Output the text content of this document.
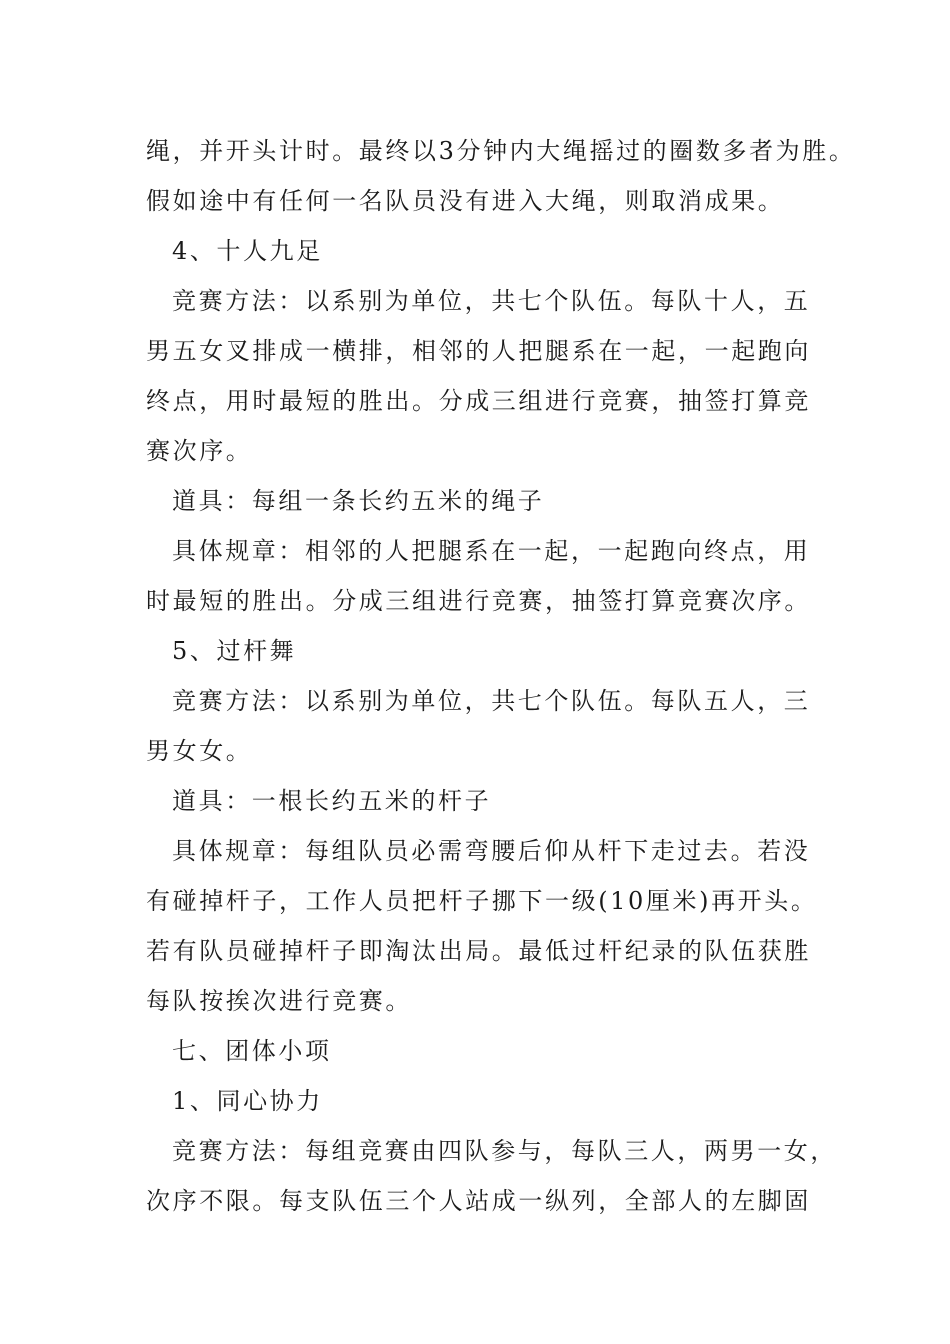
绳，并开头计时。最终以3分钟内大绳摇过的圈数多者为胜。
假如途中有任何一名队员没有进入大绳，则取消成果。
4、十人九足
竞赛方法：以系别为单位，共七个队伍。每队十人，五
男五女叉排成一横排，相邻的人把腿系在一起，一起跑向
终点，用时最短的胜出。分成三组进行竞赛，抽签打算竞
赛次序。
道具：每组一条长约五米的绳子
具体规章：相邻的人把腿系在一起，一起跑向终点，用
时最短的胜出。分成三组进行竞赛，抽签打算竞赛次序。
5、过杆舞
竞赛方法：以系别为单位，共七个队伍。每队五人，三
男女女。
道具：一根长约五米的杆子
具体规章：每组队员必需弯腰后仰从杆下走过去。若没
有碰掉杆子，工作人员把杆子挪下一级(10厘米)再开头。
若有队员碰掉杆子即淘汰出局。最低过杆纪录的队伍获胜
每队按挨次进行竞赛。
七、团体小项
1、同心协力
竞赛方法：每组竞赛由四队参与，每队三人，两男一女，
次序不限。每支队伍三个人站成一纵列，全部人的左脚固
